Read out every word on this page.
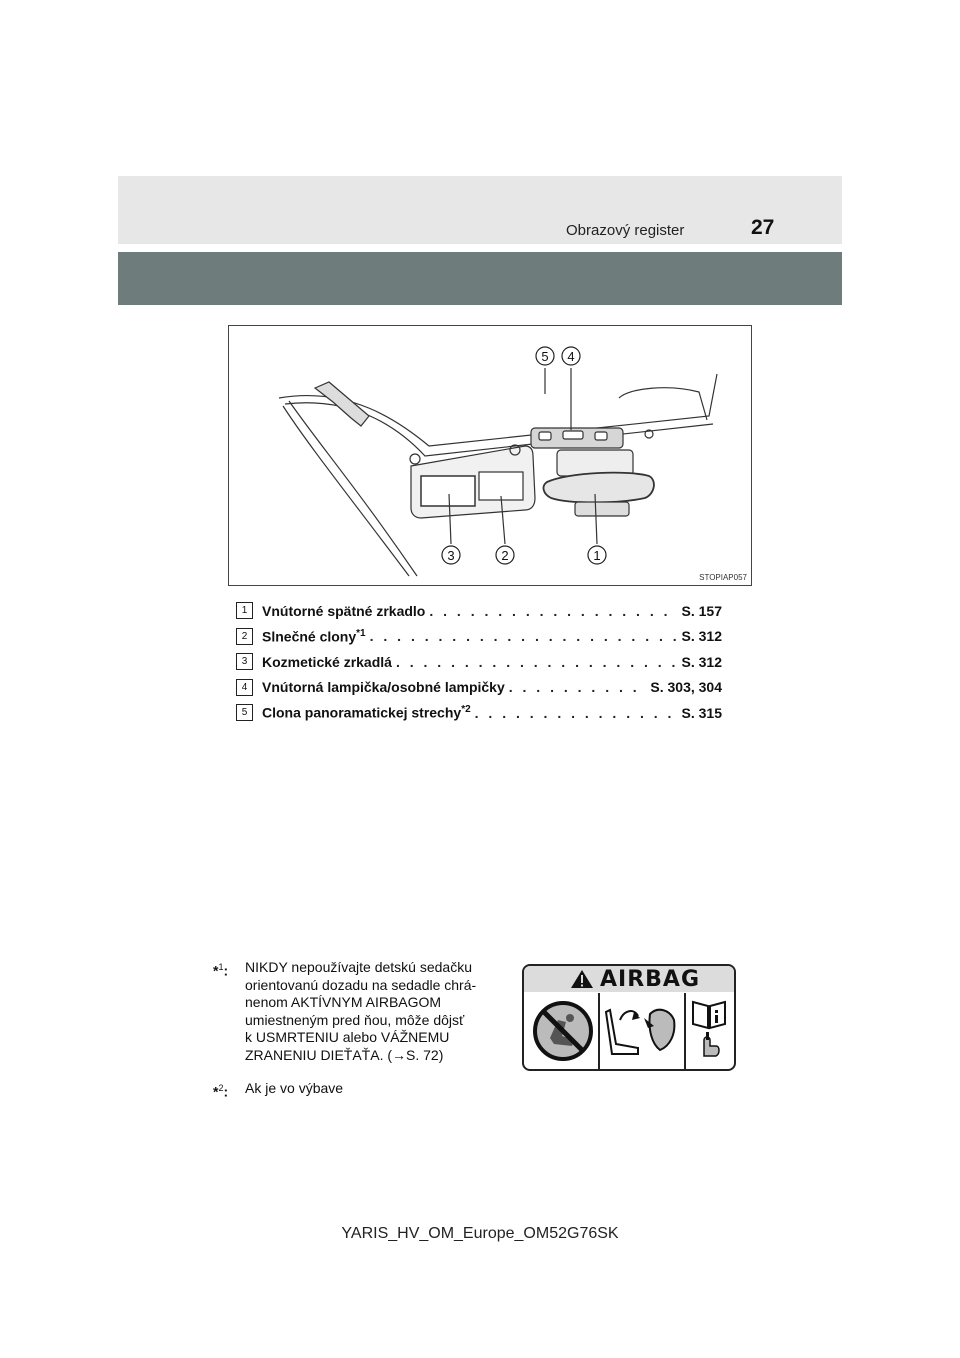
Obrazový register	27
5 4
3	2	1
STOPIAP057
1	Vnútorné spätné zrkadlo . . .	S. 157
2	Slnečné clony$^{*1}$ . . .	S. 312
3	Kozmetické zrkadlá . . .	S. 312
4	Vnútorná lampička/osobné lampičky . . .	S. 303, 304
5	Clona panoramatickej strechy$^{*2}$ . . .	S. 315
*$^1$: NIKDY nepoužívajte detskú sedačku
orientovanú dozadu na sedadle chrá-
nenom AKTÍVNYM AIRBAGOM
umiestneným pred ňou, môže dôjsť
k USMRTENIU alebo VÁŽNEMU
ZRANENIU DIEŤAŤA. (→S. 72)
*$^2$: Ak je vo výbave
AIRBAG
YARIS_HV_OM_Europe_OM52G76SK
